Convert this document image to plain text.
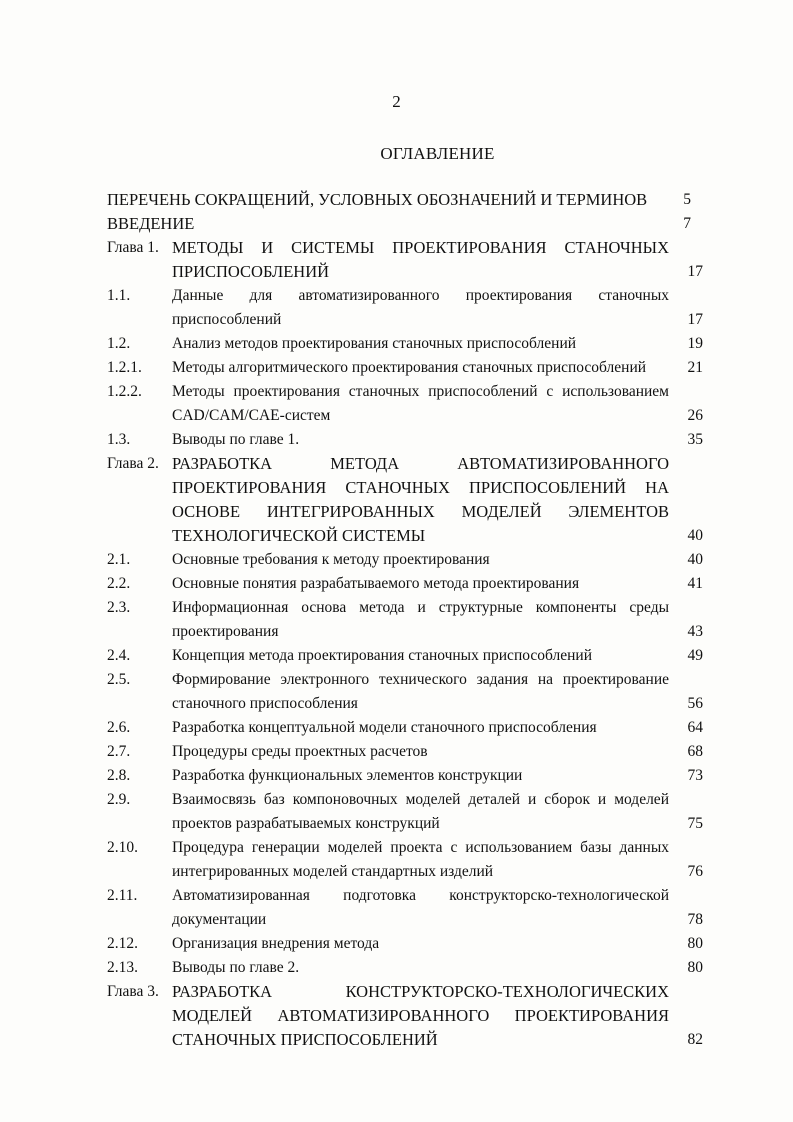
2
ОГЛАВЛЕНИЕ
ПЕРЕЧЕНЬ СОКРАЩЕНИЙ, УСЛОВНЫХ ОБОЗНАЧЕНИЙ И ТЕРМИНОВ	5
ВВЕДЕНИЕ	7
Глава 1. МЕТОДЫ И СИСТЕМЫ ПРОЕКТИРОВАНИЯ СТАНОЧНЫХ ПРИСПОСОБЛЕНИЙ	17
1.1.	Данные для автоматизированного проектирования станочных приспособлений	17
1.2.	Анализ методов проектирования станочных приспособлений	19
1.2.1.	Методы алгоритмического проектирования станочных приспособлений	21
1.2.2.	Методы проектирования станочных приспособлений с использованием CAD/CAM/CAE-систем	26
1.3.	Выводы по главе 1.	35
Глава 2. РАЗРАБОТКА МЕТОДА АВТОМАТИЗИРОВАННОГО ПРОЕКТИРОВАНИЯ СТАНОЧНЫХ ПРИСПОСОБЛЕНИЙ НА ОСНОВЕ ИНТЕГРИРОВАННЫХ МОДЕЛЕЙ ЭЛЕМЕНТОВ ТЕХНОЛОГИЧЕСКОЙ СИСТЕМЫ	40
2.1.	Основные требования к методу проектирования	40
2.2.	Основные понятия разрабатываемого метода проектирования	41
2.3.	Информационная основа метода и структурные компоненты среды проектирования	43
2.4.	Концепция метода проектирования станочных приспособлений	49
2.5.	Формирование электронного технического задания на проектирование станочного приспособления	56
2.6.	Разработка концептуальной модели станочного приспособления	64
2.7.	Процедуры среды проектных расчетов	68
2.8.	Разработка функциональных элементов конструкции	73
2.9.	Взаимосвязь баз компоновочных моделей деталей и сборок и моделей проектов разрабатываемых конструкций	75
2.10.	Процедура генерации моделей проекта с использованием базы данных интегрированных моделей стандартных изделий	76
2.11.	Автоматизированная подготовка конструкторско-технологической документации	78
2.12.	Организация внедрения метода	80
2.13.	Выводы по главе 2.	80
Глава 3. РАЗРАБОТКА КОНСТРУКТОРСКО-ТЕХНОЛОГИЧЕСКИХ МОДЕЛЕЙ АВТОМАТИЗИРОВАННОГО ПРОЕКТИРОВАНИЯ СТАНОЧНЫХ ПРИСПОСОБЛЕНИЙ	82
